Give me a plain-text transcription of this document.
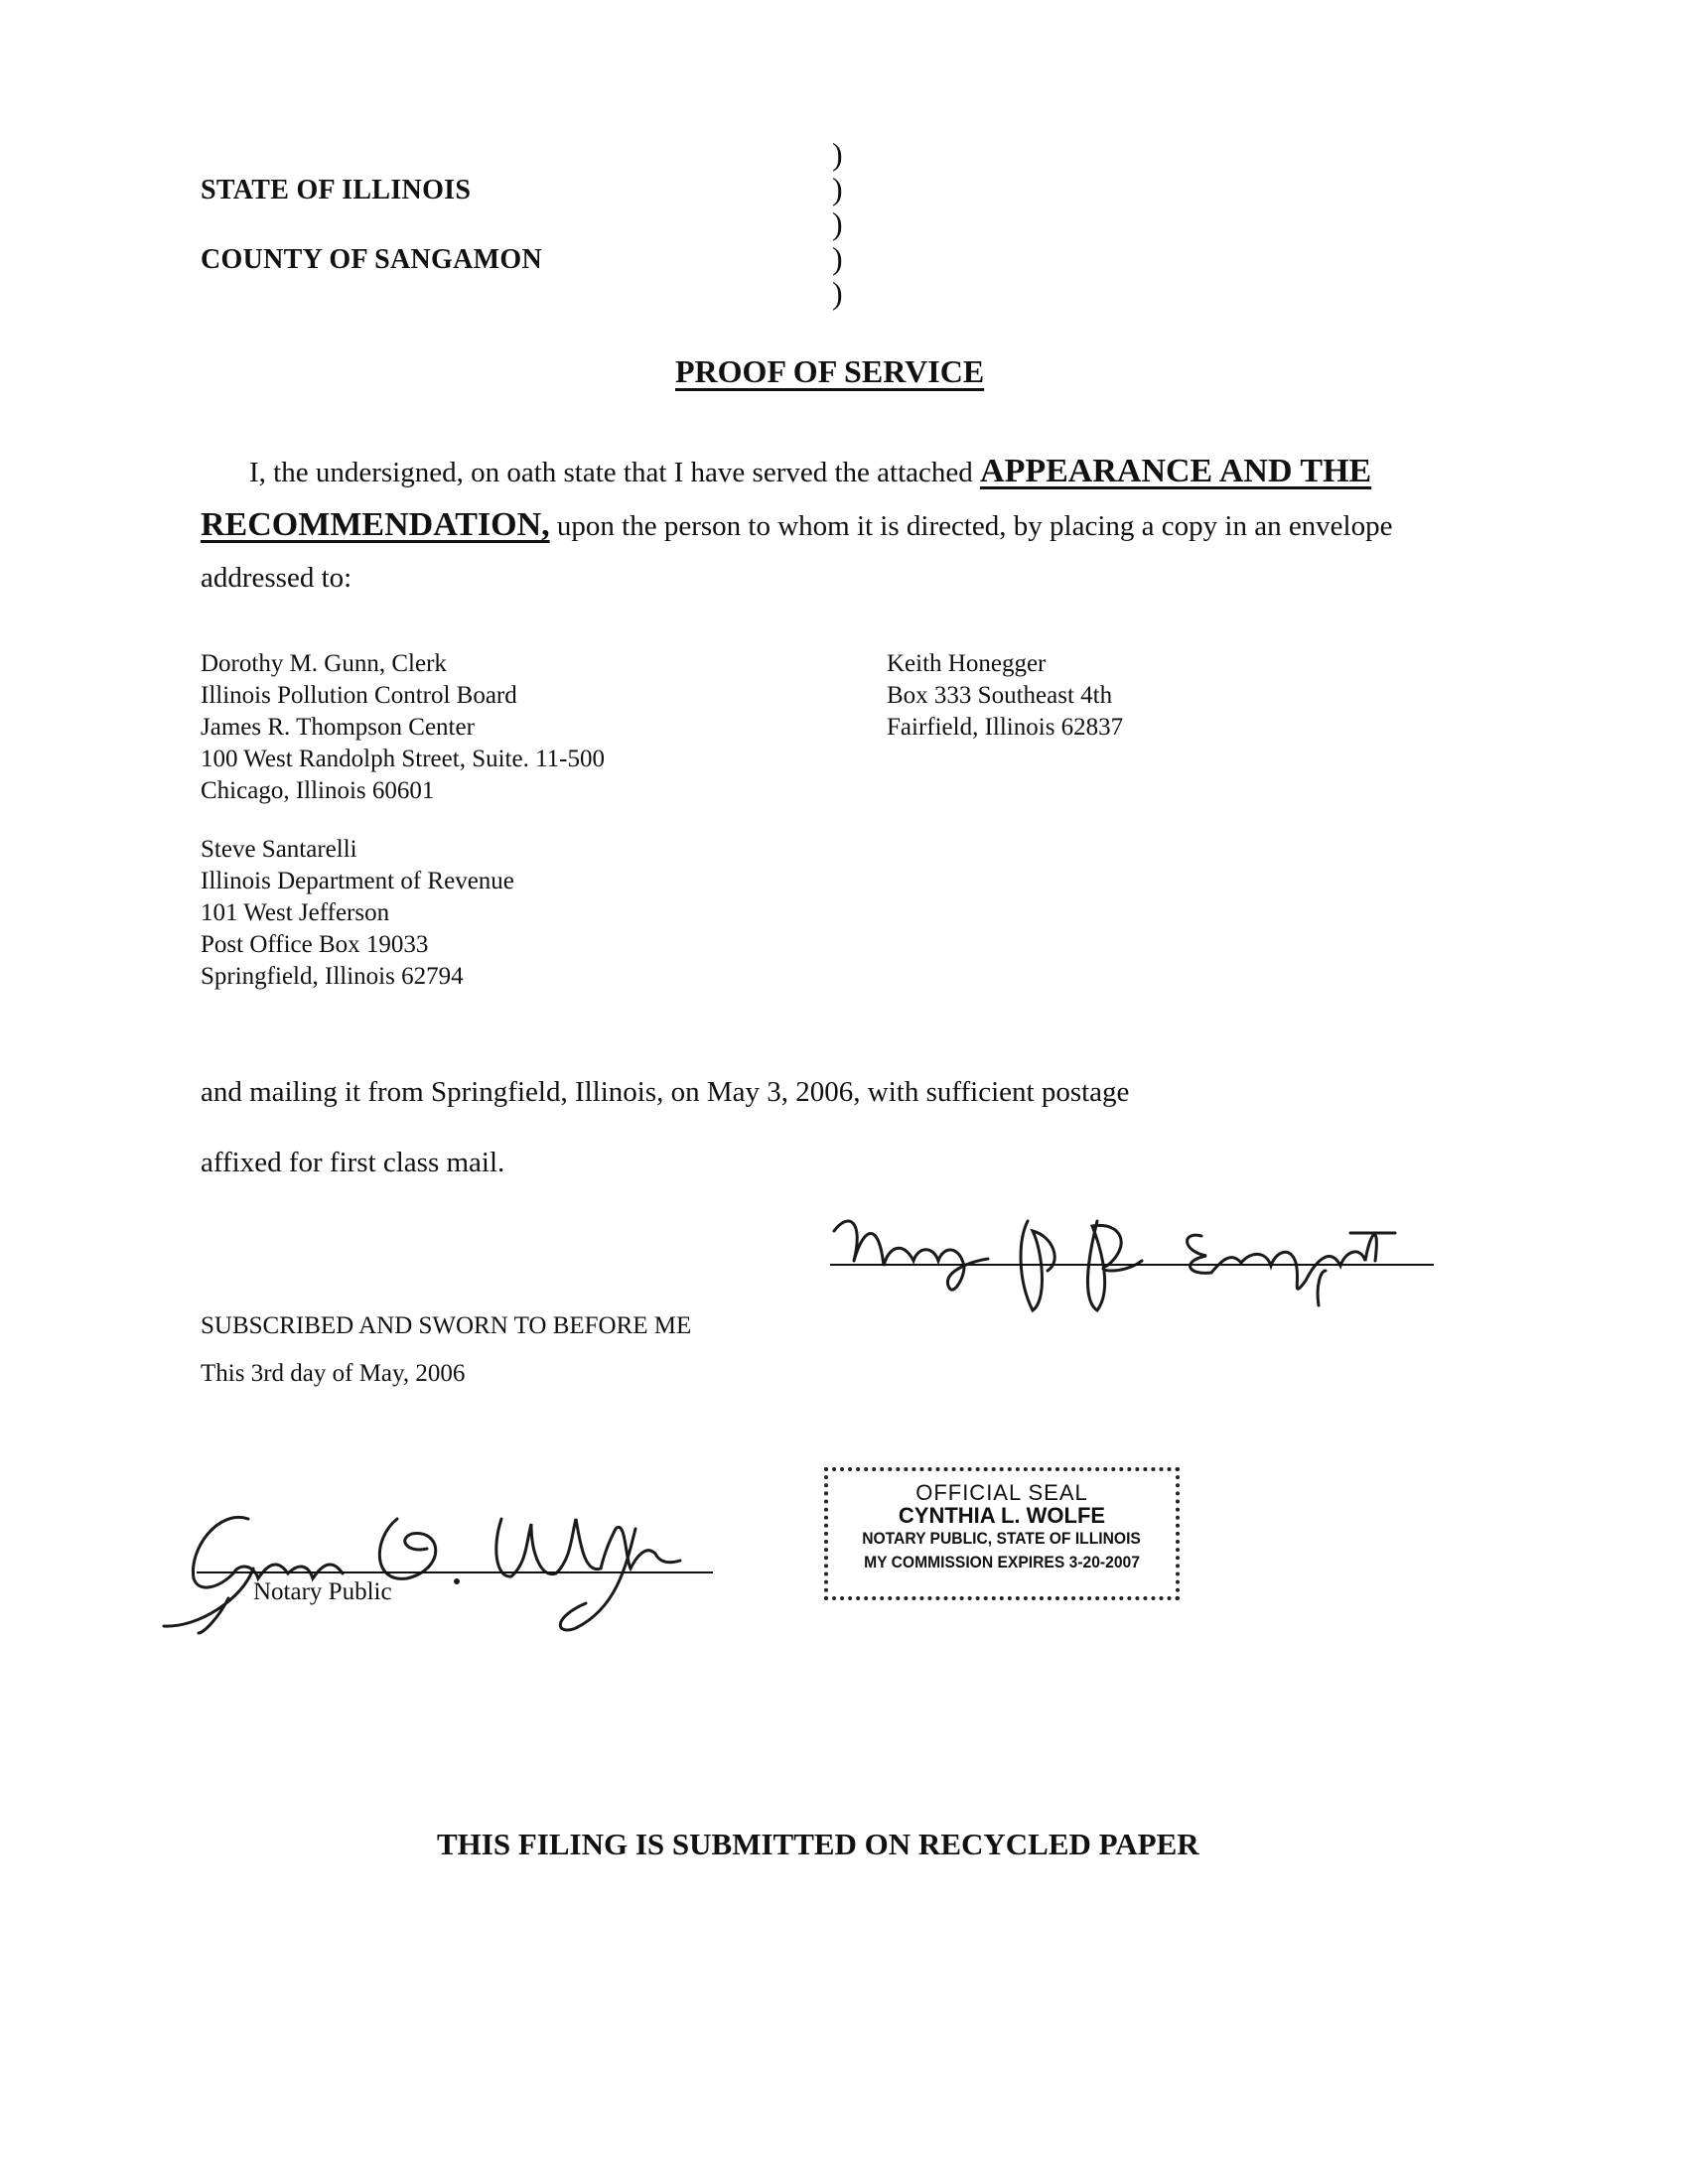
STATE OF ILLINOIS
COUNTY OF SANGAMON
)
)
)
)
)
PROOF OF SERVICE
I, the undersigned, on oath state that I have served the attached APPEARANCE AND THE
RECOMMENDATION, upon the person to whom it is directed, by placing a copy in an envelope
addressed to:
Dorothy M. Gunn, Clerk
Illinois Pollution Control Board
James R. Thompson Center
100 West Randolph Street, Suite. 11-500
Chicago, Illinois 60601
Keith Honegger
Box 333 Southeast 4th
Fairfield, Illinois 62837
Steve Santarelli
Illinois Department of Revenue
101 West Jefferson
Post Office Box 19033
Springfield, Illinois 62794
and mailing it from Springfield, Illinois, on May 3, 2006, with sufficient postage
affixed for first class mail.
SUBSCRIBED AND SWORN TO BEFORE ME
This 3rd day of May, 2006
Notary Public
OFFICIAL SEAL
CYNTHIA L. WOLFE
NOTARY PUBLIC, STATE OF ILLINOIS
MY COMMISSION EXPIRES 3-20-2007
THIS FILING IS SUBMITTED ON RECYCLED PAPER
